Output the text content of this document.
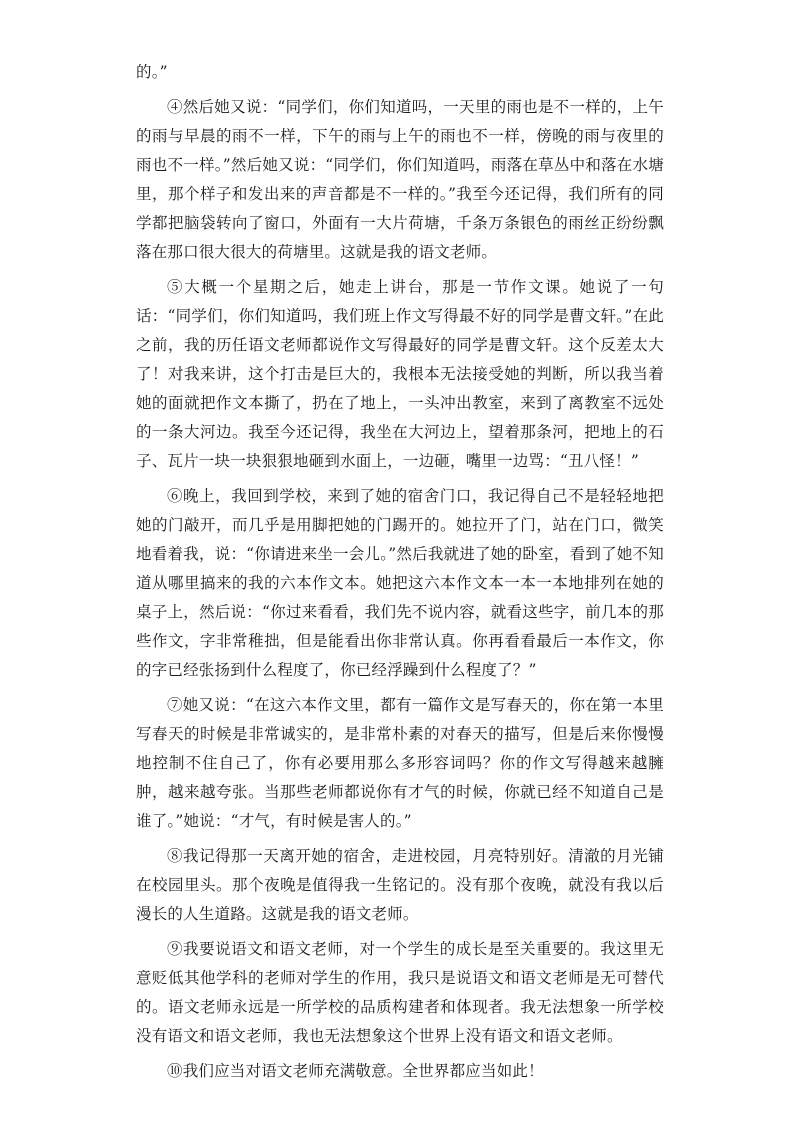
的。”

④然后她又说：“同学们，你们知道吗，一天里的雨也是不一样的，上午的雨与早晨的雨不一样，下午的雨与上午的雨也不一样，傍晚的雨与夜里的雨也不一样。”然后她又说：“同学们，你们知道吗，雨落在草丛中和落在水塘里，那个样子和发出来的声音都是不一样的。”我至今还记得，我们所有的同学都把脑袋转向了窗口，外面有一大片荷塘，千条万条银色的雨丝正纷纷飘落在那口很大很大的荷塘里。这就是我的语文老师。

⑤大概一个星期之后，她走上讲台，那是一节作文课。她说了一句话：“同学们，你们知道吗，我们班上作文写得最不好的同学是曹文轩。”在此之前，我的历任语文老师都说作文写得最好的同学是曹文轩。这个反差太大了！对我来讲，这个打击是巨大的，我根本无法接受她的判断，所以我当着她的面就把作文本撕了，扔在了地上，一头冲出教室，来到了离教室不远处的一条大河边。我至今还记得，我坐在大河边上，望着那条河，把地上的石子、瓦片一块一块狠狠地砸到水面上，一边砸，嘴里一边骂：“丑八怪！”

⑥晚上，我回到学校，来到了她的宿舍门口，我记得自己不是轻轻地把她的门敲开，而几乎是用脚把她的门踢开的。她拉开了门，站在门口，微笑地看着我，说：“你请进来坐一会儿。”然后我就进了她的卧室，看到了她不知道从哪里搞来的我的六本作文本。她把这六本作文本一本一本地排列在她的桌子上，然后说：“你过来看看，我们先不说内容，就看这些字，前几本的那些作文，字非常稚拙，但是能看出你非常认真。你再看看最后一本作文，你的字已经张扬到什么程度了，你已经浮躁到什么程度了？”

⑦她又说：“在这六本作文里，都有一篇作文是写春天的，你在第一本里写春天的时候是非常诚实的，是非常朴素的对春天的描写，但是后来你慢慢地控制不住自己了，你有必要用那么多形容词吗？你的作文写得越来越臃肿，越来越夸张。当那些老师都说你有才气的时候，你就已经不知道自己是谁了。”她说：“才气，有时候是害人的。”

⑧我记得那一天离开她的宿舍，走进校园，月亮特别好。清澈的月光铺在校园里头。那个夜晚是值得我一生铭记的。没有那个夜晚，就没有我以后漫长的人生道路。这就是我的语文老师。

⑨我要说语文和语文老师，对一个学生的成长是至关重要的。我这里无意贬低其他学科的老师对学生的作用，我只是说语文和语文老师是无可替代的。语文老师永远是一所学校的品质构建者和体现者。我无法想象一所学校没有语文和语文老师，我也无法想象这个世界上没有语文和语文老师。

⑩我们应当对语文老师充满敬意。全世界都应当如此！
